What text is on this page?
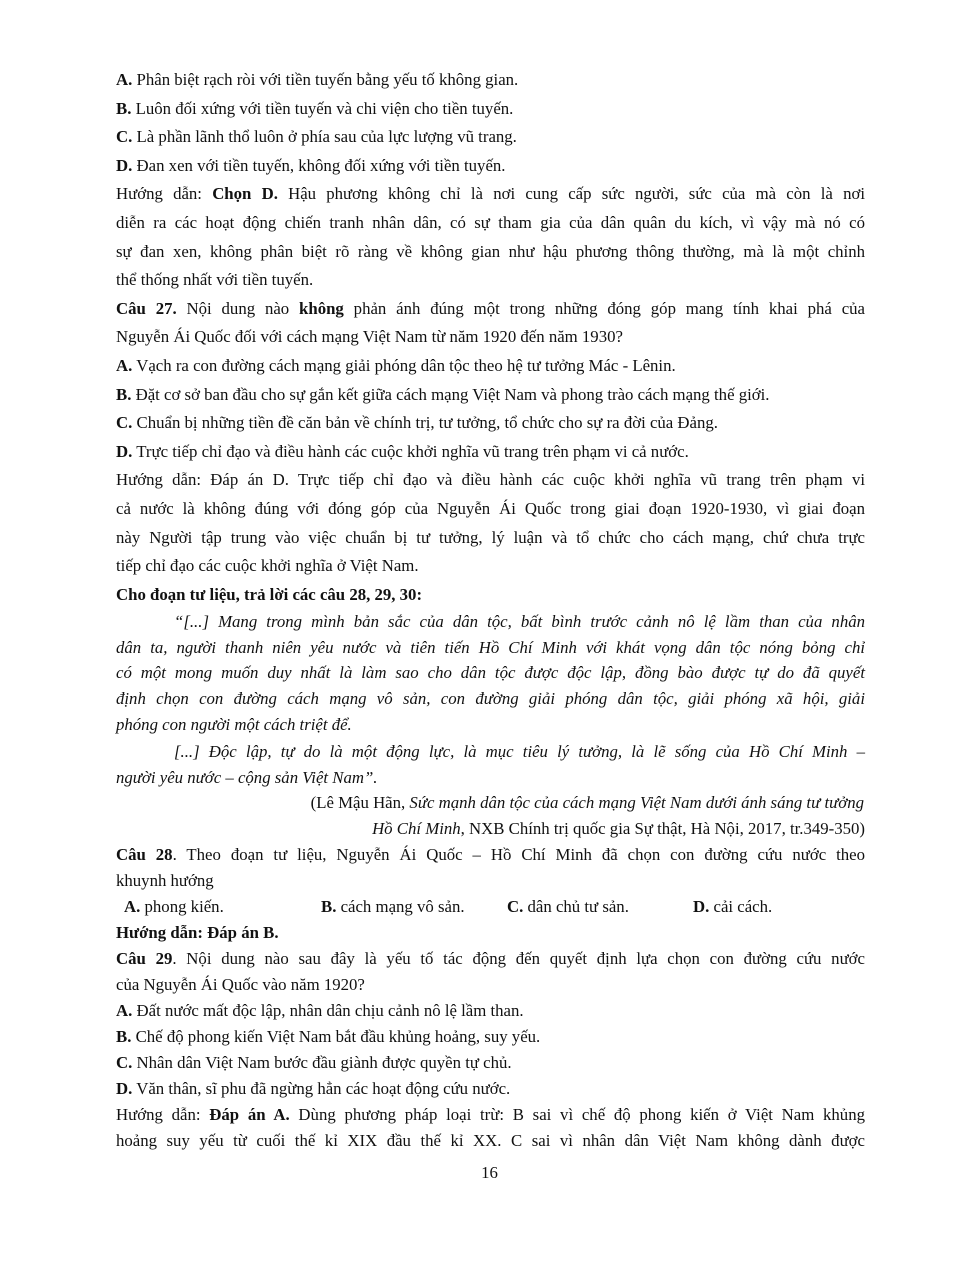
A. Phân biệt rạch ròi với tiền tuyến bằng yếu tố không gian.
B. Luôn đối xứng với tiền tuyến và chi viện cho tiền tuyến.
C. Là phần lãnh thổ luôn ở phía sau của lực lượng vũ trang.
D. Đan xen với tiền tuyến, không đối xứng với tiền tuyến.
Hướng dẫn: Chọn D. Hậu phương không chỉ là nơi cung cấp sức người, sức của mà còn là nơi
diễn ra các hoạt động chiến tranh nhân dân, có sự tham gia của dân quân du kích, vì vậy mà nó có
sự đan xen, không phân biệt rõ ràng về không gian như hậu phương thông thường, mà là một chỉnh
thể thống nhất với tiền tuyến.
Câu 27. Nội dung nào không phản ánh đúng một trong những đóng góp mang tính khai phá của
Nguyễn Ái Quốc đối với cách mạng Việt Nam từ năm 1920 đến năm 1930?
A. Vạch ra con đường cách mạng giải phóng dân tộc theo hệ tư tưởng Mác - Lênin.
B. Đặt cơ sở ban đầu cho sự gắn kết giữa cách mạng Việt Nam và phong trào cách mạng thế giới.
C. Chuẩn bị những tiền đề căn bản về chính trị, tư tưởng, tổ chức cho sự ra đời của Đảng.
D. Trực tiếp chỉ đạo và điều hành các cuộc khởi nghĩa vũ trang trên phạm vi cả nước.
Hướng dẫn: Đáp án D. Trực tiếp chỉ đạo và điều hành các cuộc khởi nghĩa vũ trang trên phạm vi
cả nước là không đúng với đóng góp của Nguyễn Ái Quốc trong giai đoạn 1920-1930, vì giai đoạn
này Người tập trung vào việc chuẩn bị tư tưởng, lý luận và tổ chức cho cách mạng, chứ chưa trực
tiếp chỉ đạo các cuộc khởi nghĩa ở Việt Nam.
Cho đoạn tư liệu, trả lời các câu 28, 29, 30:
“[...] Mang trong mình bản sắc của dân tộc, bất bình trước cảnh nô lệ lầm than của nhân
dân ta, người thanh niên yêu nước và tiên tiến Hồ Chí Minh với khát vọng dân tộc nóng bỏng chỉ
có một mong muốn duy nhất là làm sao cho dân tộc được độc lập, đồng bào được tự do đã quyết
định chọn con đường cách mạng vô sản, con đường giải phóng dân tộc, giải phóng xã hội, giải
phóng con người một cách triệt để.
[...] Độc lập, tự do là một động lực, là mục tiêu lý tưởng, là lẽ sống của Hồ Chí Minh –
người yêu nước – cộng sản Việt Nam”.
(Lê Mậu Hãn, Sức mạnh dân tộc của cách mạng Việt Nam dưới ánh sáng tư tưởng
Hồ Chí Minh, NXB Chính trị quốc gia Sự thật, Hà Nội, 2017, tr.349-350)
Câu 28. Theo đoạn tư liệu, Nguyễn Ái Quốc – Hồ Chí Minh đã chọn con đường cứu nước theo
khuynh hướng
A. phong kiến.	B. cách mạng vô sản.	C. dân chủ tư sản.	D. cải cách.
Hướng dẫn: Đáp án B.
Câu 29. Nội dung nào sau đây là yếu tố tác động đến quyết định lựa chọn con đường cứu nước
của Nguyễn Ái Quốc vào năm 1920?
A. Đất nước mất độc lập, nhân dân chịu cảnh nô lệ lầm than.
B. Chế độ phong kiến Việt Nam bắt đầu khủng hoảng, suy yếu.
C. Nhân dân Việt Nam bước đầu giành được quyền tự chủ.
D. Văn thân, sĩ phu đã ngừng hẳn các hoạt động cứu nước.
Hướng dẫn: Đáp án A. Dùng phương pháp loại trừ: B sai vì chế độ phong kiến ở Việt Nam khủng
hoảng suy yếu từ cuối thế kỉ XIX đầu thế kỉ XX. C sai vì nhân dân Việt Nam không dành được
16
